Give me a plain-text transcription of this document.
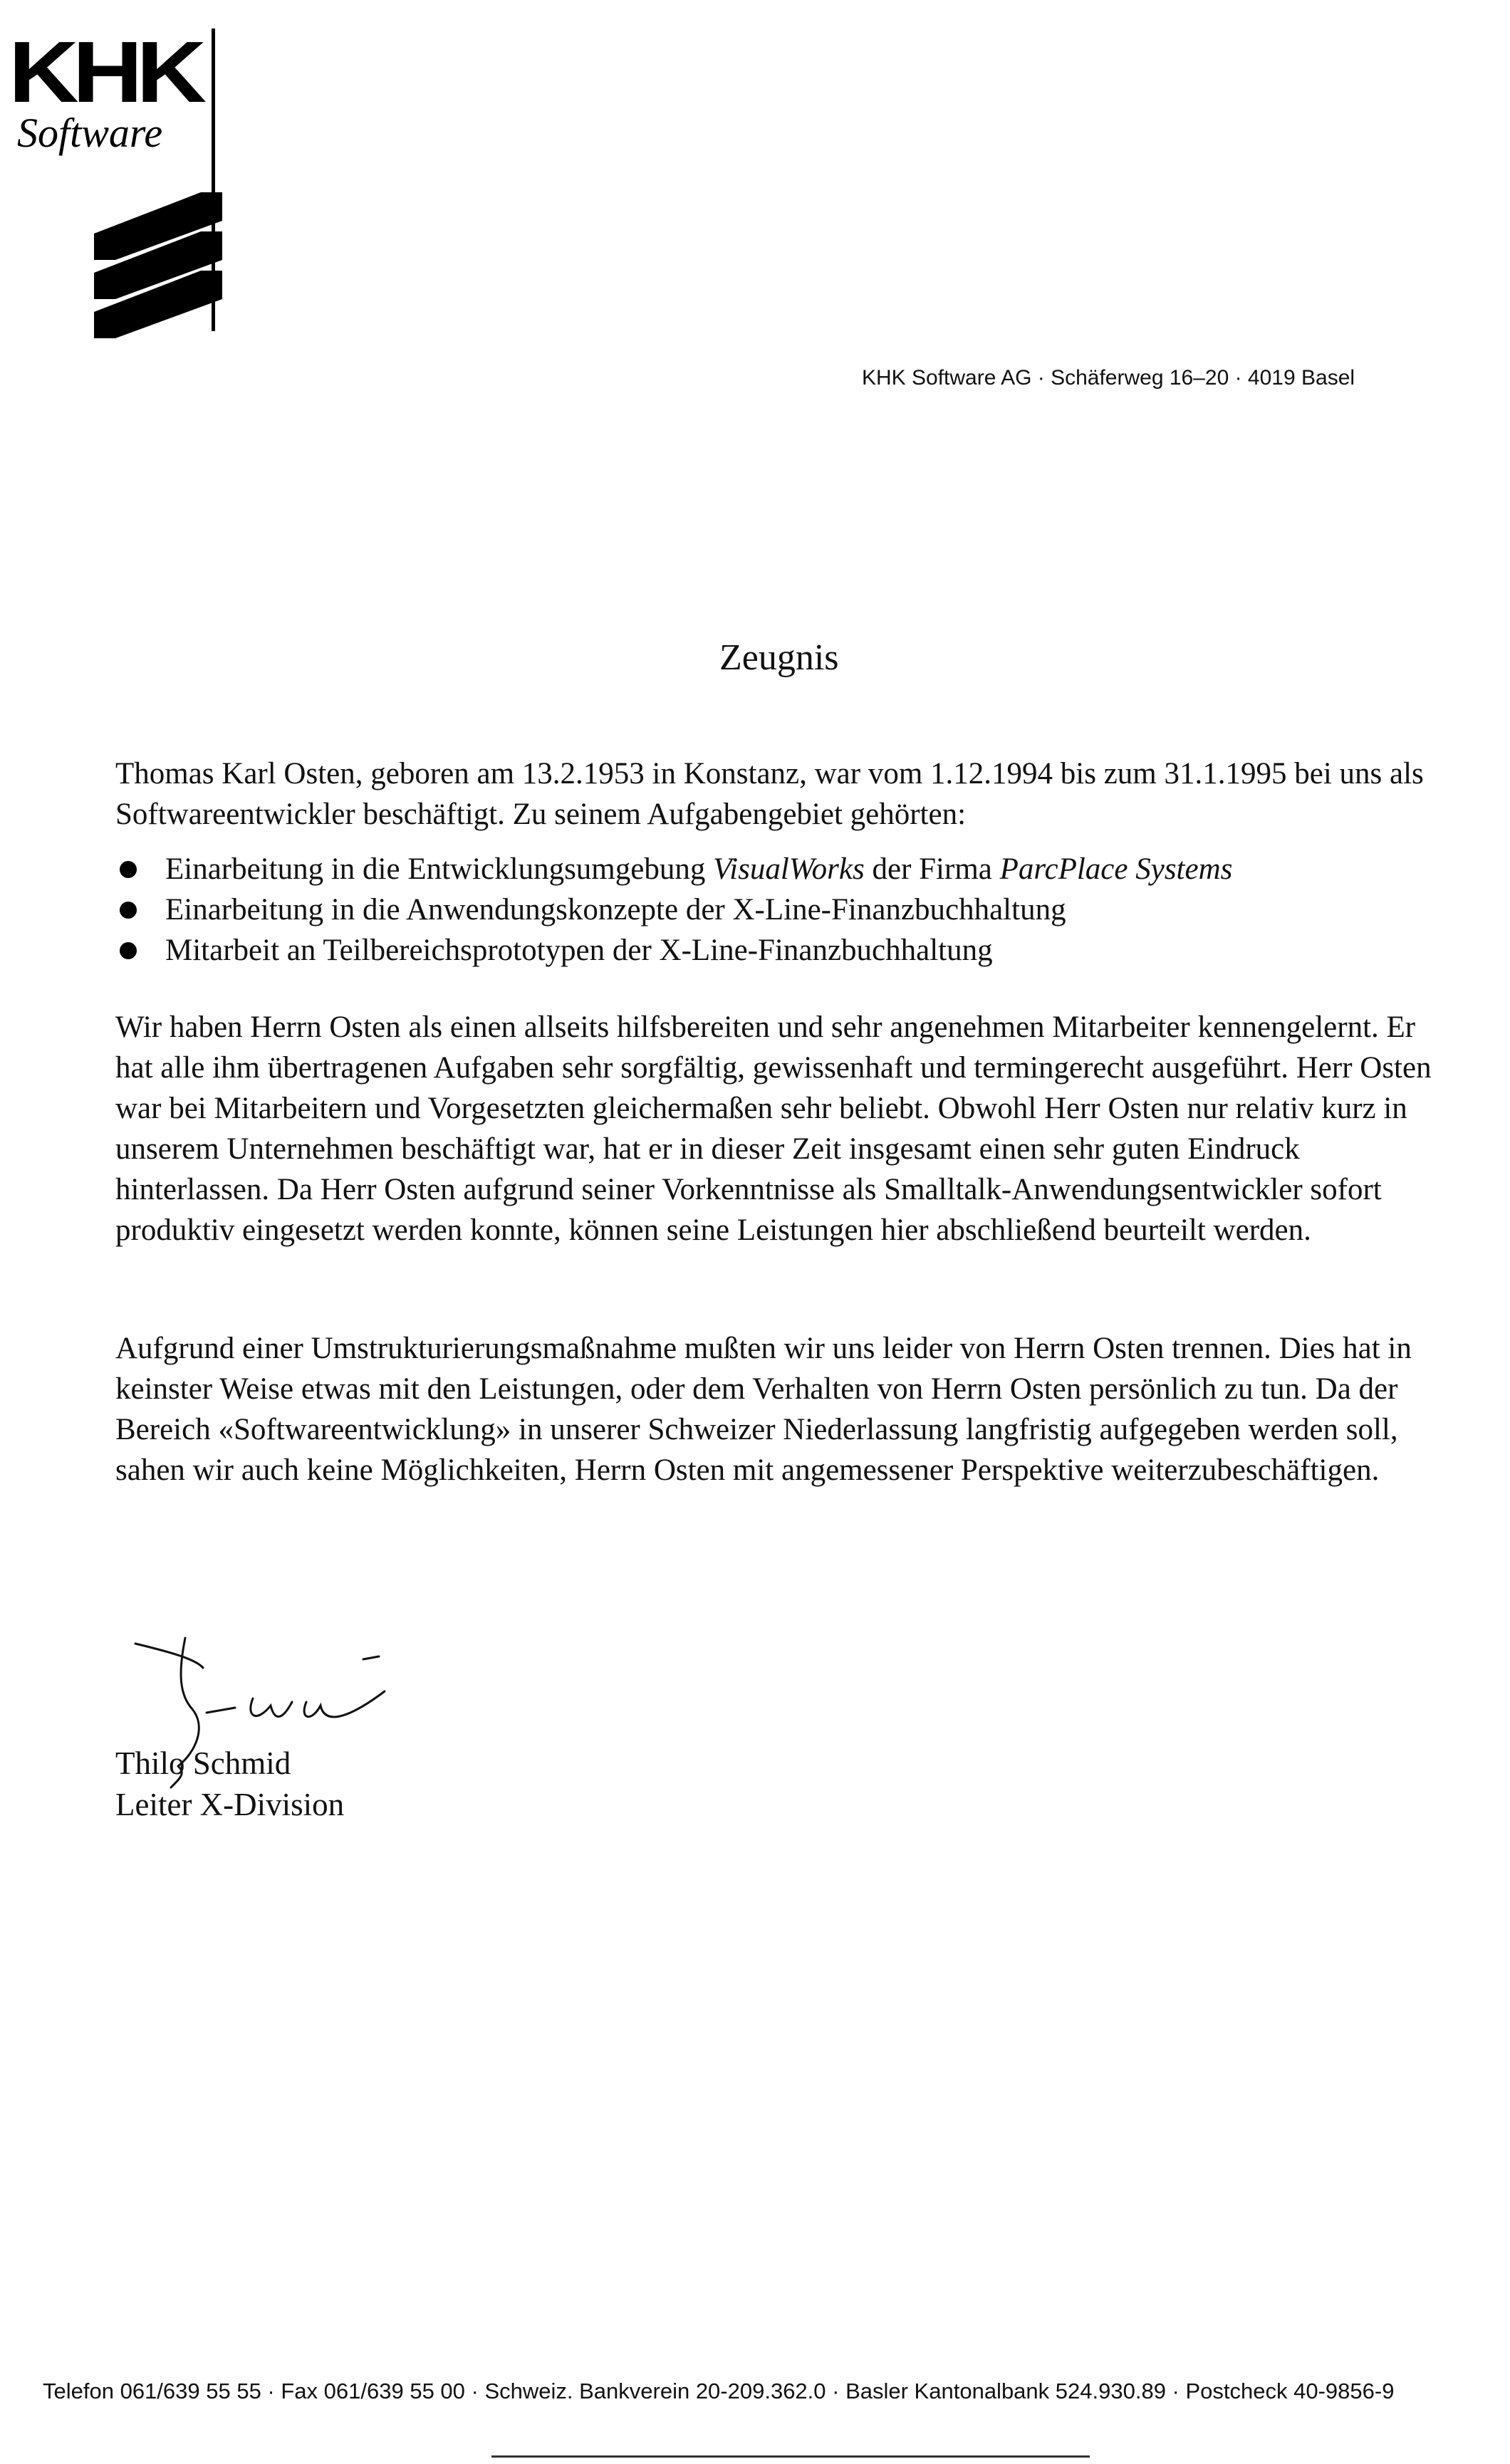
KHK
Software
KHK Software AG · Schäferweg 16–20 · 4019 Basel
Zeugnis

Thomas Karl Osten, geboren am 13.2.1953 in Konstanz, war vom 1.12.1994 bis zum 31.1.1995 bei uns als Softwareentwickler beschäftigt. Zu seinem Aufgabengebiet gehörten:

Einarbeitung in die Entwicklungsumgebung VisualWorks der Firma ParcPlace Systems
Einarbeitung in die Anwendungskonzepte der X-Line-Finanzbuchhaltung
Mitarbeit an Teilbereichsprototypen der X-Line-Finanzbuchhaltung

Wir haben Herrn Osten als einen allseits hilfsbereiten und sehr angenehmen Mitarbeiter kennengelernt. Er hat alle ihm übertragenen Aufgaben sehr sorgfältig, gewissenhaft und termingerecht ausgeführt. Herr Osten war bei Mitarbeitern und Vorgesetzten gleichermaßen sehr beliebt. Obwohl Herr Osten nur relativ kurz in unserem Unternehmen beschäftigt war, hat er in dieser Zeit insgesamt einen sehr guten Eindruck hinterlassen. Da Herr Osten aufgrund seiner Vorkenntnisse als Smalltalk-Anwendungsentwickler sofort produktiv eingesetzt werden konnte, können seine Leistungen hier abschließend beurteilt werden.

Aufgrund einer Umstrukturierungsmaßnahme mußten wir uns leider von Herrn Osten trennen. Dies hat in keinster Weise etwas mit den Leistungen, oder dem Verhalten von Herrn Osten persönlich zu tun. Da der Bereich «Softwareentwicklung» in unserer Schweizer Niederlassung langfristig aufgegeben werden soll, sahen wir auch keine Möglichkeiten, Herrn Osten mit angemessener Perspektive weiterzubeschäftigen.

Thilo Schmid
Leiter X-Division
Telefon 061/639 55 55 · Fax 061/639 55 00 · Schweiz. Bankverein 20-209.362.0 · Basler Kantonalbank 524.930.89 · Postcheck 40-9856-9
